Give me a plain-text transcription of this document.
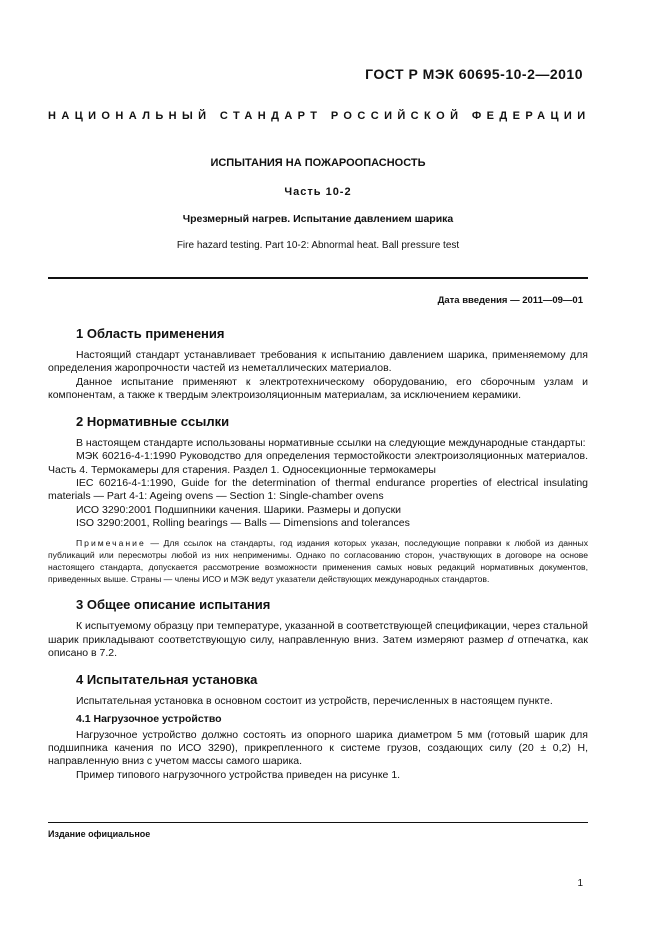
ГОСТ Р МЭК 60695-10-2—2010
НАЦИОНАЛЬНЫЙ СТАНДАРТ РОССИЙСКОЙ ФЕДЕРАЦИИ
ИСПЫТАНИЯ НА ПОЖАРООПАСНОСТЬ
Часть 10-2
Чрезмерный нагрев. Испытание давлением шарика
Fire hazard testing. Part 10-2: Abnormal heat. Ball pressure test
Дата введения — 2011—09—01
1 Область применения

Настоящий стандарт устанавливает требования к испытанию давлением шарика, применяемому для определения жаропрочности частей из неметаллических материалов.

Данное испытание применяют к электротехническому оборудованию, его сборочным узлам и компонентам, а также к твердым электроизоляционным материалам, за исключением керамики.

2 Нормативные ссылки

В настоящем стандарте использованы нормативные ссылки на следующие международные стандарты:

МЭК 60216-4-1:1990 Руководство для определения термостойкости электроизоляционных материалов. Часть 4. Термокамеры для старения. Раздел 1. Односекционные термокамеры

IEC 60216-4-1:1990, Guide for the determination of thermal endurance properties of electrical insulating materials — Part 4-1: Ageing ovens — Section 1: Single-chamber ovens

ИСО 3290:2001 Подшипники качения. Шарики. Размеры и допуски

ISO 3290:2001, Rolling bearings — Balls — Dimensions and tolerances

Примечание — Для ссылок на стандарты, год издания которых указан, последующие поправки к любой из данных публикаций или пересмотры любой из них неприменимы. Однако по согласованию сторон, участвующих в договоре на основе настоящего стандарта, допускается рассмотрение возможности применения самых новых редакций нормативных документов, приведенных выше. Страны — члены ИСО и МЭК ведут указатели действующих международных стандартов.

3 Общее описание испытания

К испытуемому образцу при температуре, указанной в соответствующей спецификации, через стальной шарик прикладывают соответствующую силу, направленную вниз. Затем измеряют размер d отпечатка, как описано в 7.2.

4 Испытательная установка

Испытательная установка в основном состоит из устройств, перечисленных в настоящем пункте.

4.1 Нагрузочное устройство

Нагрузочное устройство должно состоять из опорного шарика диаметром 5 мм (готовый шарик для подшипника качения по ИСО 3290), прикрепленного к системе грузов, создающих силу (20 ± 0,2) Н, направленную вниз с учетом массы самого шарика.

Пример типового нагрузочного устройства приведен на рисунке 1.

Издание официальное
1
